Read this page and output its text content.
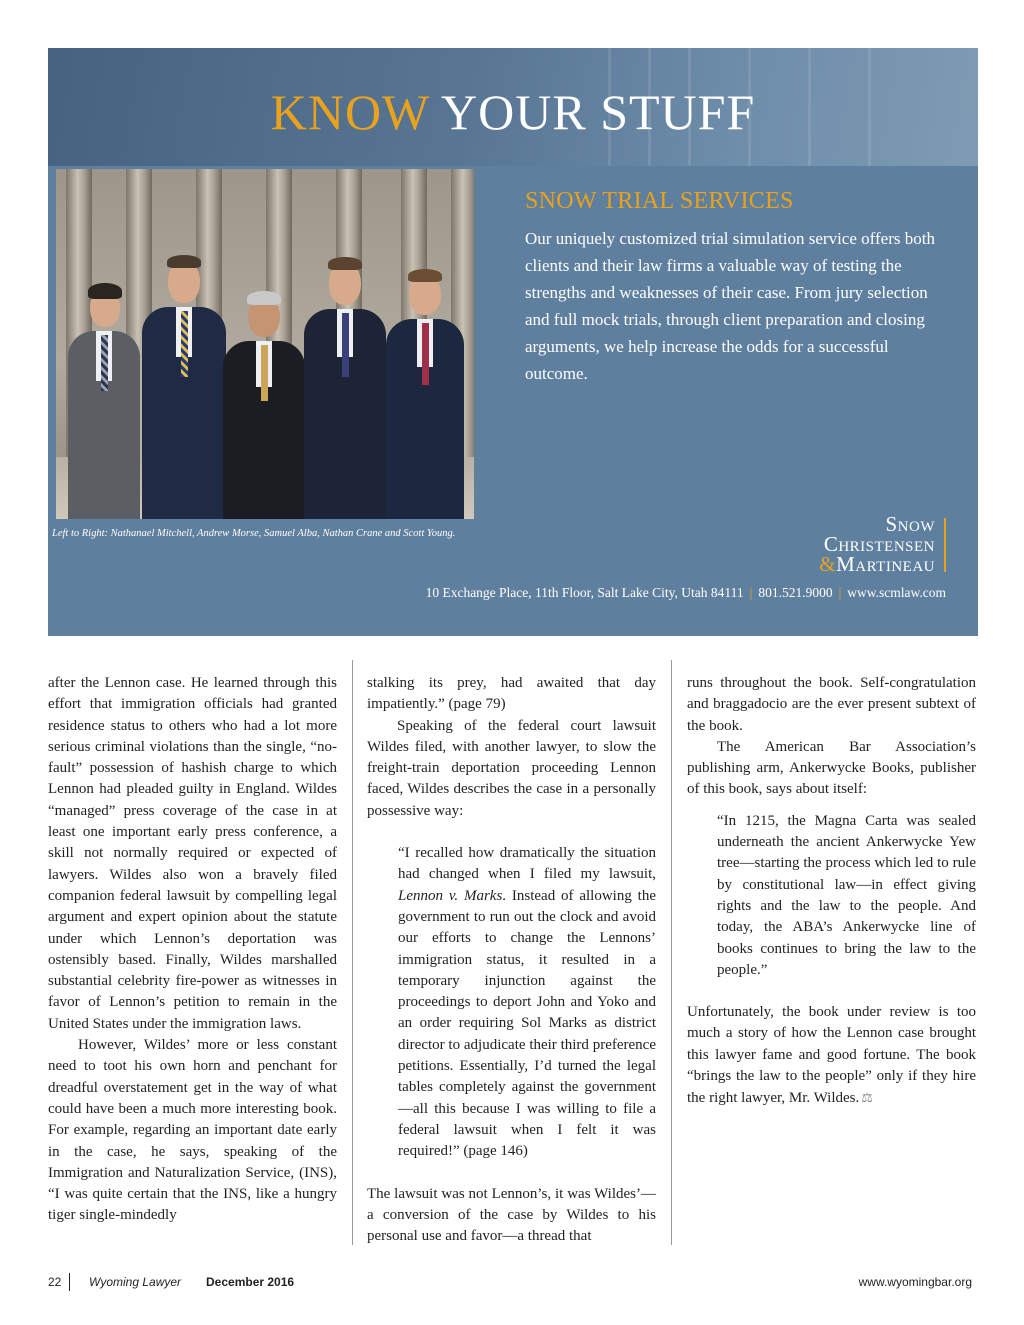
KNOW YOUR STUFF
Left to Right: Nathanael Mitchell, Andrew Morse, Samuel Alba, Nathan Crane and Scott Young.
SNOW TRIAL SERVICES
Our uniquely customized trial simulation service offers both clients and their law firms a valuable way of testing the strengths and weaknesses of their case. From jury selection and full mock trials, through client preparation and closing arguments, we help increase the odds for a successful outcome.
Snow
Christensen
&Martineau
10 Exchange Place, 11th Floor, Salt Lake City, Utah 84111 | 801.521.9000 | www.scmlaw.com

after the Lennon case. He learned through this effort that immigration officials had granted residence status to others who had a lot more serious criminal violations than the single, “no-fault” possession of hashish charge to which Lennon had pleaded guilty in England. Wildes “managed” press coverage of the case in at least one important early press conference, a skill not normally required or expected of lawyers. Wildes also won a bravely filed companion federal lawsuit by compelling legal argument and expert opinion about the statute under which Lennon’s deportation was ostensibly based. Finally, Wildes marshalled substantial celebrity fire-power as witnesses in favor of Lennon’s petition to remain in the United States under the immigration laws.

However, Wildes’ more or less constant need to toot his own horn and penchant for dreadful overstatement get in the way of what could have been a much more interesting book. For example, regarding an important date early in the case, he says, speaking of the Immigration and Naturalization Service, (INS), “I was quite certain that the INS, like a hungry tiger single-mindedly

stalking its prey, had awaited that day impatiently.” (page 79)

Speaking of the federal court lawsuit Wildes filed, with another lawyer, to slow the freight-train deportation proceeding Lennon faced, Wildes describes the case in a personally possessive way:

“I recalled how dramatically the situation had changed when I filed my lawsuit, Lennon v. Marks. Instead of allowing the government to run out the clock and avoid our efforts to change the Lennons’ immigration status, it resulted in a temporary injunction against the proceedings to deport John and Yoko and an order requiring Sol Marks as district director to adjudicate their third preference petitions. Essentially, I’d turned the legal tables completely against the government—all this because I was willing to file a federal lawsuit when I felt it was required!” (page 146)

The lawsuit was not Lennon’s, it was Wildes’—a conversion of the case by Wildes to his personal use and favor—a thread that

runs throughout the book. Self-congratulation and braggadocio are the ever present subtext of the book.

The American Bar Association’s publishing arm, Ankerwycke Books, publisher of this book, says about itself:

“In 1215, the Magna Carta was sealed underneath the ancient Ankerwycke Yew tree—starting the process which led to rule by constitutional law—in effect giving rights and the law to the people. And today, the ABA’s Ankerwycke line of books continues to bring the law to the people.”

Unfortunately, the book under review is too much a story of how the Lennon case brought this lawyer fame and good fortune. The book “brings the law to the people” only if they hire the right lawyer, Mr. Wildes. ⚖

22 Wyoming Lawyer December 2016	www.wyomingbar.org
